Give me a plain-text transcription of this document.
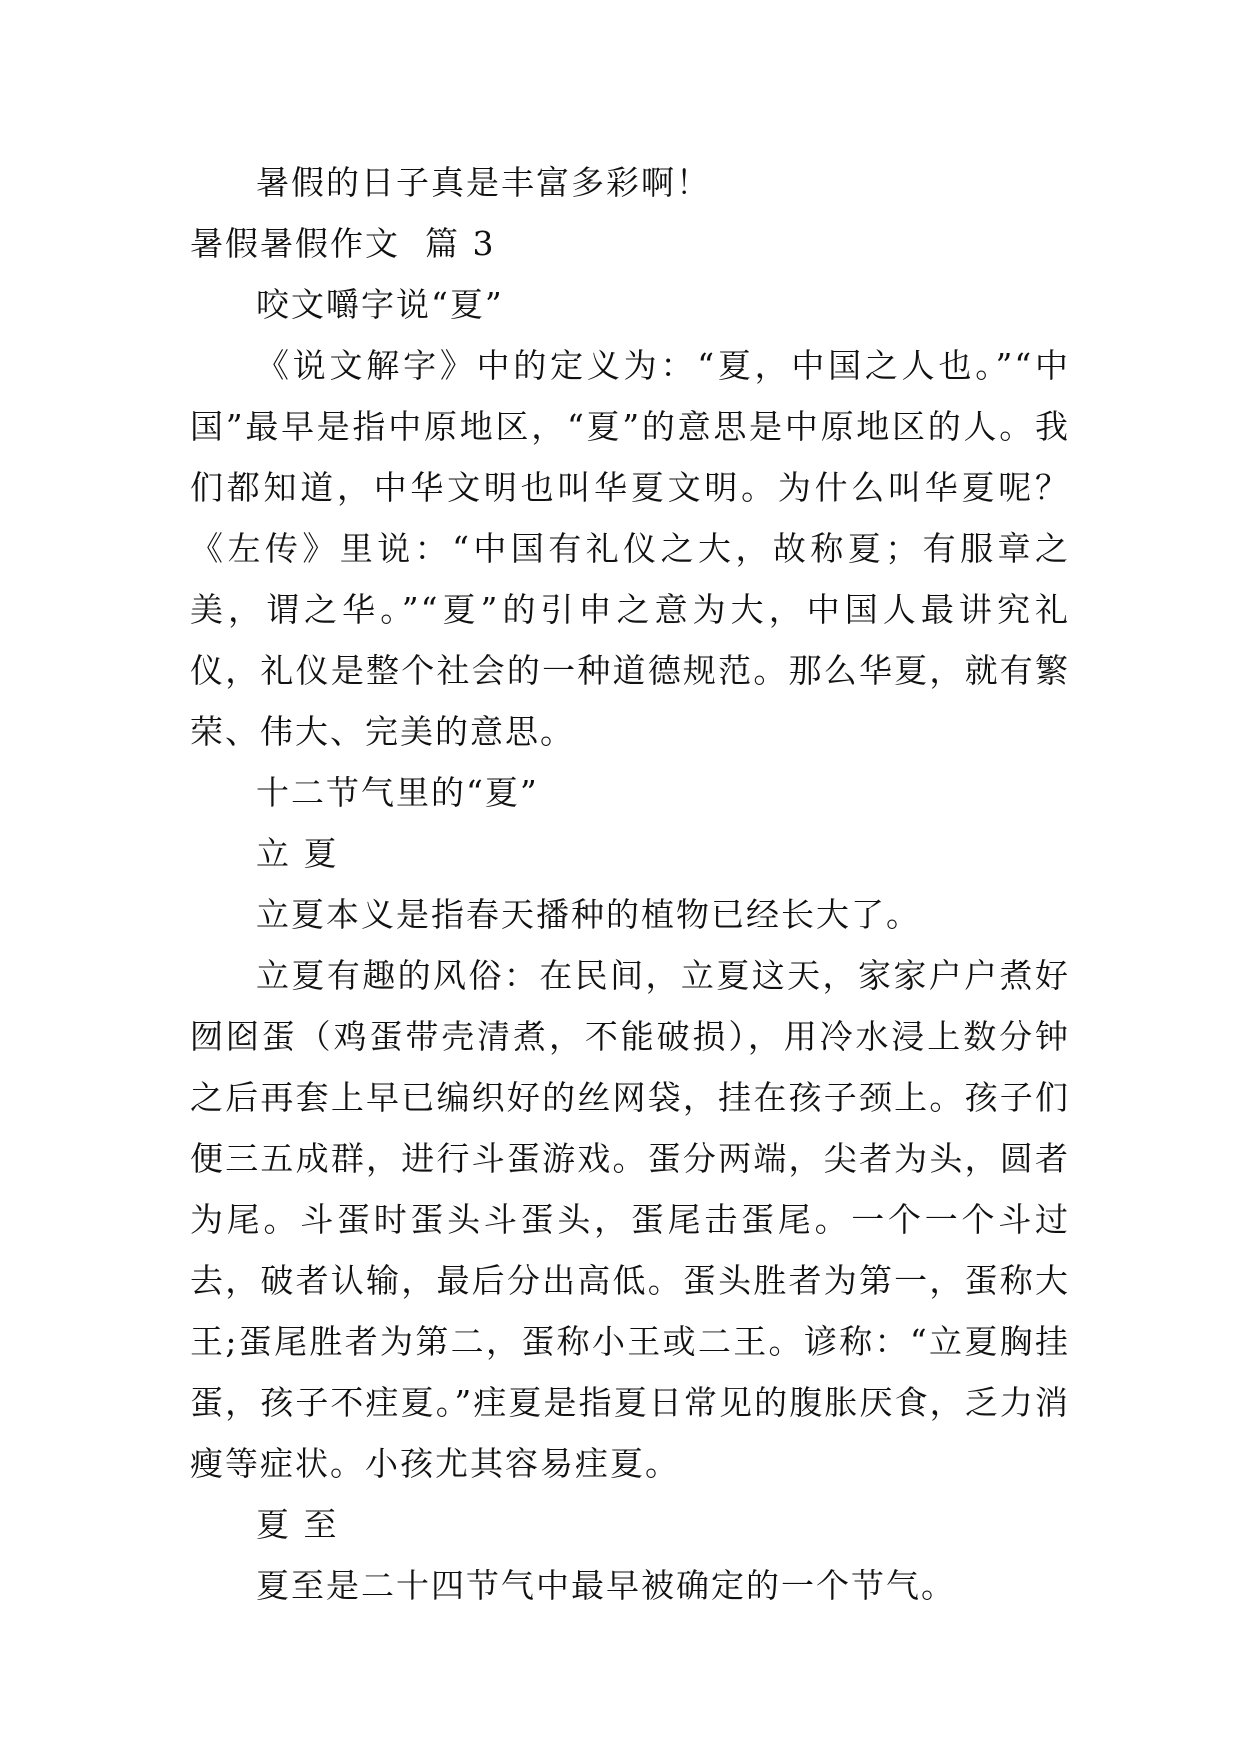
暑假的日子真是丰富多彩啊！

暑假暑假作文  篇 3

咬文嚼字说“夏”

《说文解字》中的定义为：“夏，中国之人也。”“中国”最早是指中原地区，“夏”的意思是中原地区的人。我们都知道，中华文明也叫华夏文明。为什么叫华夏呢？《左传》里说：“中国有礼仪之大，故称夏；有服章之美，谓之华。”“夏”的引申之意为大，中国人最讲究礼仪，礼仪是整个社会的一种道德规范。那么华夏，就有繁荣、伟大、完美的意思。

十二节气里的“夏”

立 夏

立夏本义是指春天播种的植物已经长大了。

立夏有趣的风俗：在民间，立夏这天，家家户户煮好囫囵蛋（鸡蛋带壳清煮，不能破损），用冷水浸上数分钟之后再套上早已编织好的丝网袋，挂在孩子颈上。孩子们便三五成群，进行斗蛋游戏。蛋分两端，尖者为头，圆者为尾。斗蛋时蛋头斗蛋头，蛋尾击蛋尾。一个一个斗过去，破者认输，最后分出高低。蛋头胜者为第一，蛋称大王;蛋尾胜者为第二，蛋称小王或二王。谚称：“立夏胸挂蛋，孩子不疰夏。”疰夏是指夏日常见的腹胀厌食，乏力消瘦等症状。小孩尤其容易疰夏。

夏 至

夏至是二十四节气中最早被确定的一个节气。
